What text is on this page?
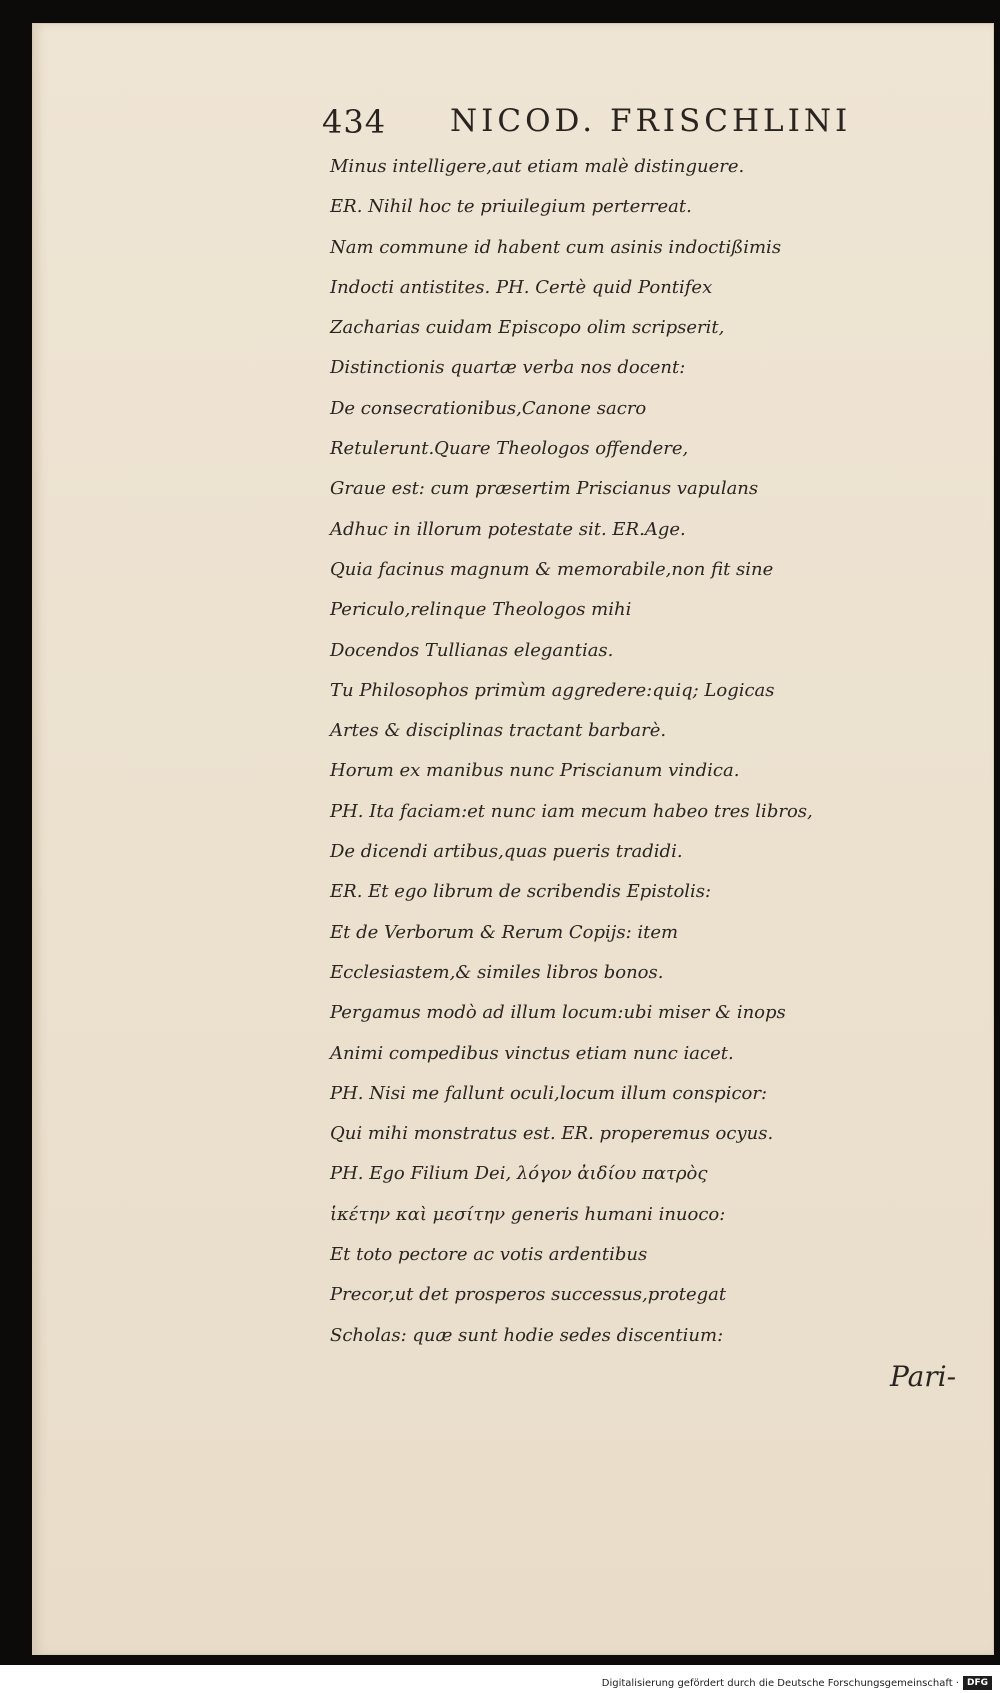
434 NICOD. FRISCHLINI
Minus intelligere,aut etiam malè distinguere.
ER. Nihil hoc te priuilegium perterreat.
Nam commune id habent cum asinis indoctißimis
Indocti antistites. PH. Certè quid Pontifex
Zacharias cuidam Episcopo olim scripserit,
Distinctionis quartæ verba nos docent:
De consecrationibus,Canone sacro
Retulerunt.Quare Theologos offendere,
Graue est: cum præsertim Priscianus vapulans
Adhuc in illorum potestate sit. ER.Age.
Quia facinus magnum & memorabile,non fit sine
Periculo,relinque Theologos mihi
Docendos Tullianas elegantias.
Tu Philosophos primùm aggredere:quiq; Logicas
Artes & disciplinas tractant barbarè.
Horum ex manibus nunc Priscianum vindica.
PH. Ita faciam:et nunc iam mecum habeo tres libros,
De dicendi artibus,quas pueris tradidi.
ER. Et ego librum de scribendis Epistolis:
Et de Verborum & Rerum Copijs: item
Ecclesiastem,& similes libros bonos.
Pergamus modò ad illum locum:ubi miser & inops
Animi compedibus vinctus etiam nunc iacet.
PH. Nisi me fallunt oculi,locum illum conspicor:
Qui mihi monstratus est. ER. properemus ocyus.
PH. Ego Filium Dei, λόγον ἀιδίου πατρὸς
ἱκέτην καὶ μεσίτην generis humani inuoco:
Et toto pectore ac votis ardentibus
Precor,ut det prosperos successus,protegat
Scholas: quæ sunt hodie sedes discentium:
Pari-
Digitalisierung gefördert durch die Deutsche Forschungsgemeinschaft · DFG
